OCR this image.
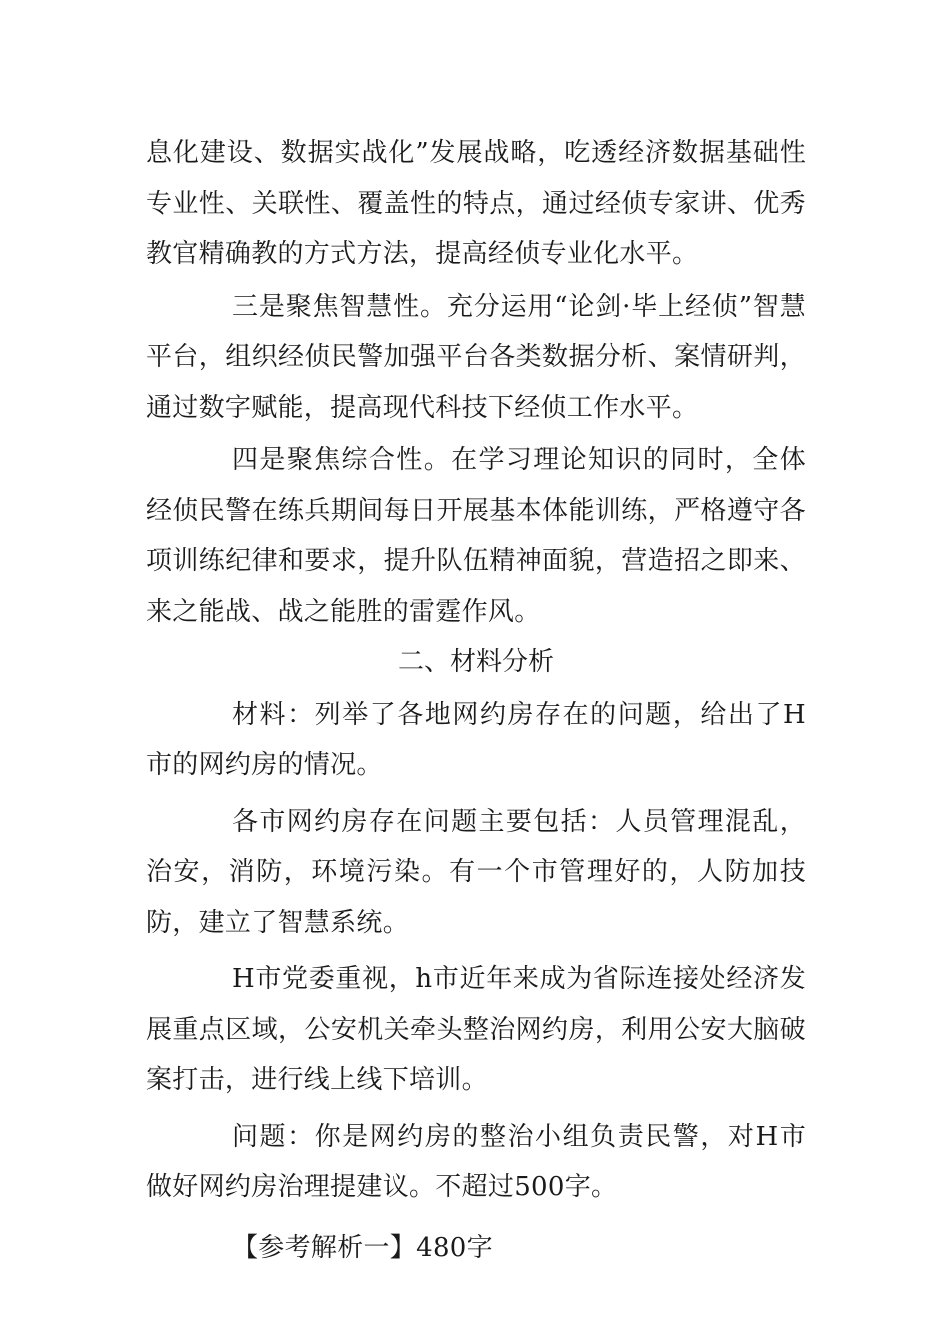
息化建设、数据实战化”发展战略，吃透经济数据基础性专业性、关联性、覆盖性的特点，通过经侦专家讲、优秀教官精确教的方式方法，提高经侦专业化水平。

三是聚焦智慧性。充分运用“论剑·毕上经侦”智慧平台，组织经侦民警加强平台各类数据分析、案情研判，通过数字赋能，提高现代科技下经侦工作水平。

四是聚焦综合性。在学习理论知识的同时，全体经侦民警在练兵期间每日开展基本体能训练，严格遵守各项训练纪律和要求，提升队伍精神面貌，营造招之即来、来之能战、战之能胜的雷霆作风。

二、材料分析

材料：列举了各地网约房存在的问题，给出了H市的网约房的情况。

各市网约房存在问题主要包括：人员管理混乱，治安，消防，环境污染。有一个市管理好的，人防加技防，建立了智慧系统。

H市党委重视，h市近年来成为省际连接处经济发展重点区域，公安机关牵头整治网约房，利用公安大脑破案打击，进行线上线下培训。

问题：你是网约房的整治小组负责民警，对H市做好网约房治理提建议。不超过500字。

【参考解析一】480字
